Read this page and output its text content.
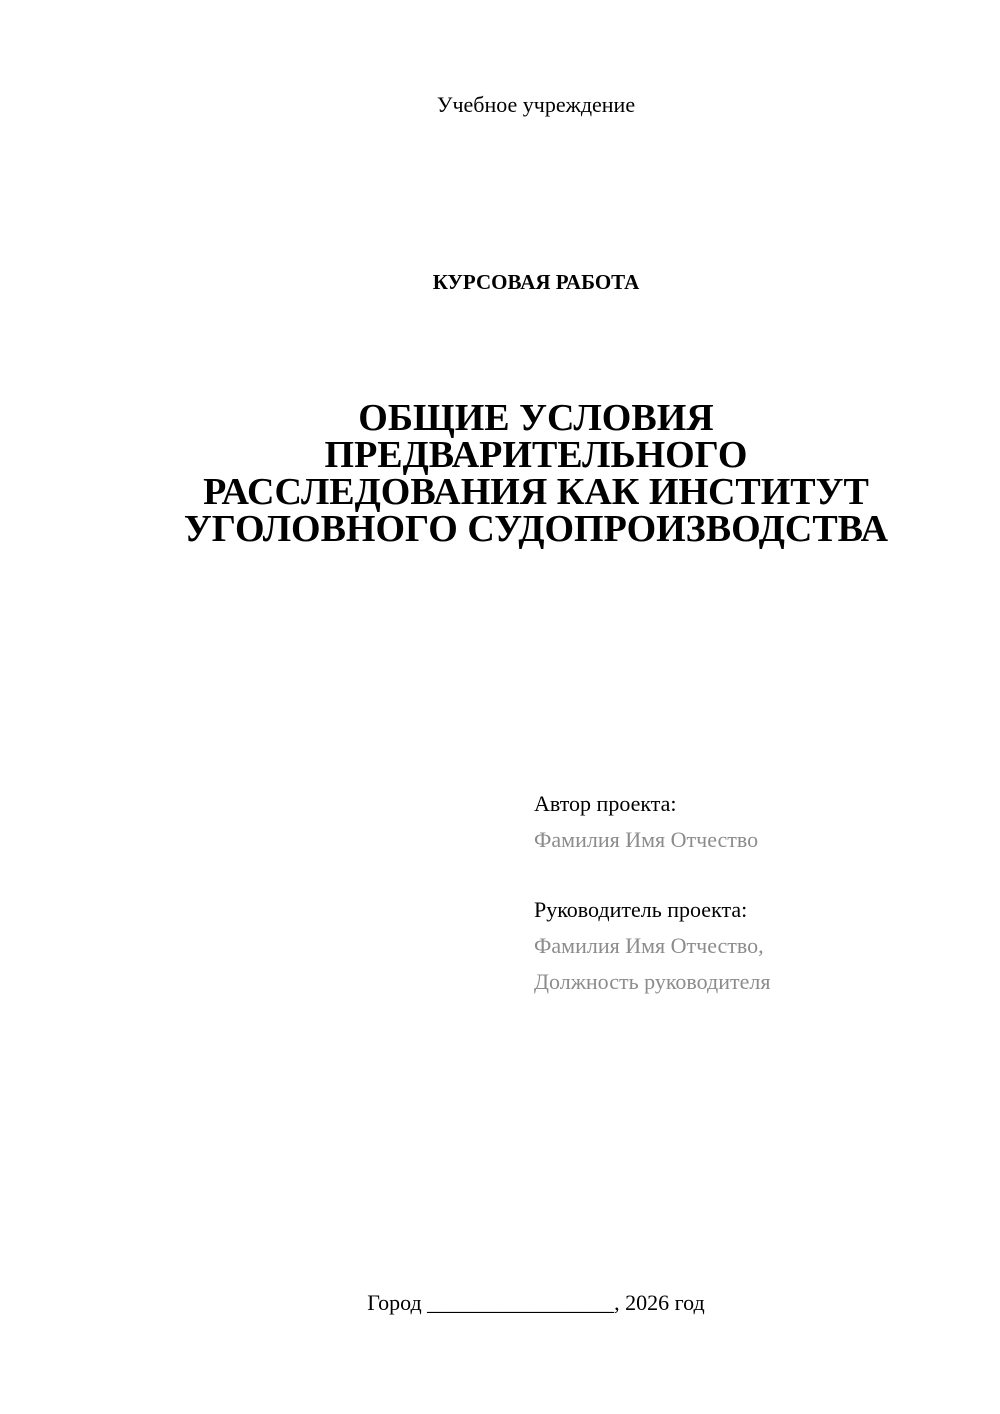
Учебное учреждение
КУРСОВАЯ РАБОТА
ОБЩИЕ УСЛОВИЯ
ПРЕДВАРИТЕЛЬНОГО
РАССЛЕДОВАНИЯ КАК ИНСТИТУТ
УГОЛОВНОГО СУДОПРОИЗВОДСТВА
Автор проекта:
Фамилия Имя Отчество
Руководитель проекта:
Фамилия Имя Отчество,
Должность руководителя
Город _________________, 2026 год
